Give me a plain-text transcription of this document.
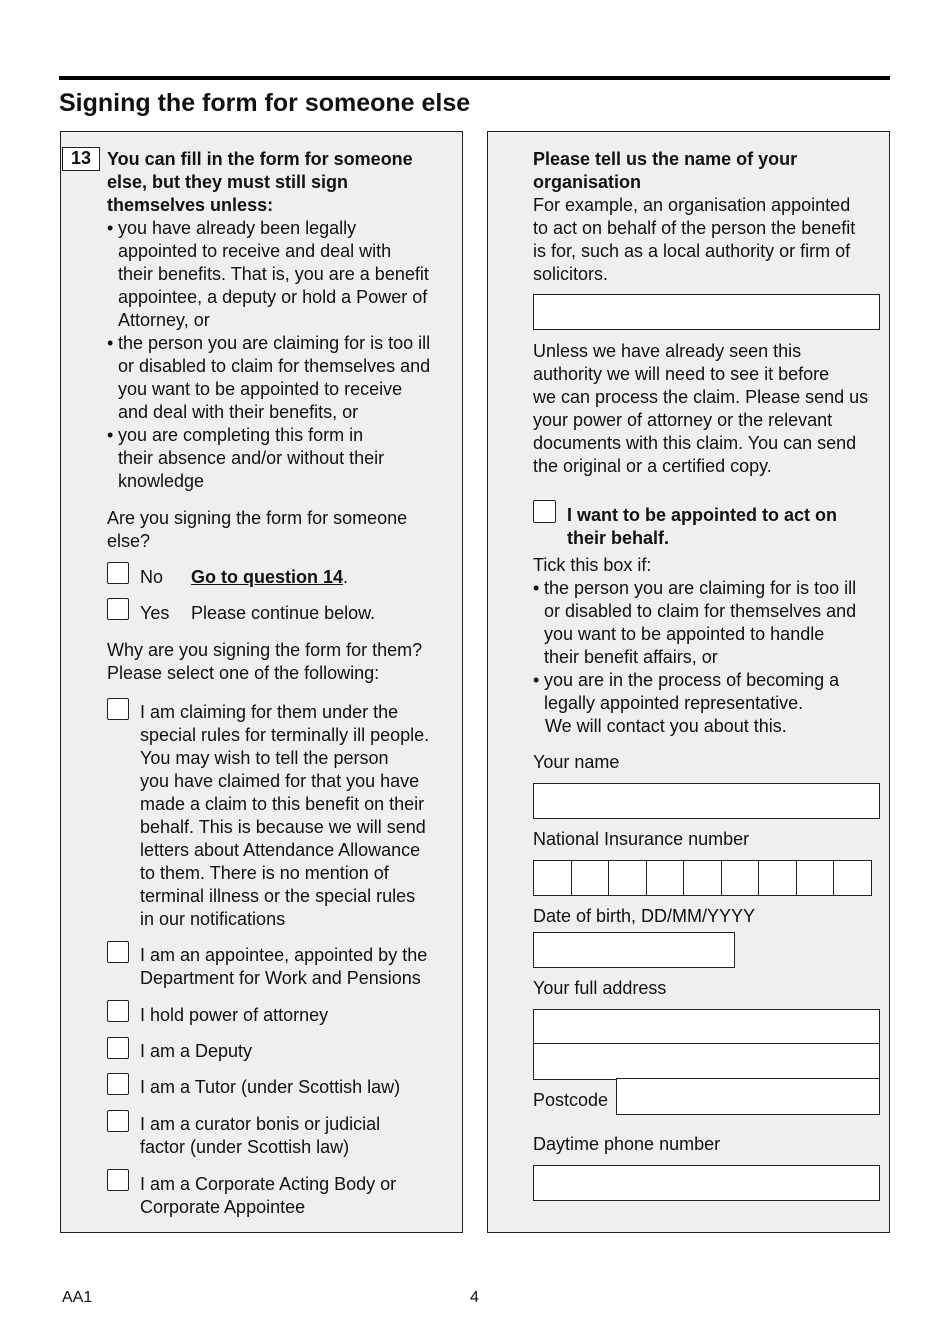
Signing the form for someone else
13 You can fill in the form for someone
else, but they must still sign
themselves unless:
• you have already been legally
appointed to receive and deal with
their benefits. That is, you are a benefit
appointee, a deputy or hold a Power of
Attorney, or
• the person you are claiming for is too ill
or disabled to claim for themselves and
you want to be appointed to receive
and deal with their benefits, or
• you are completing this form in
their absence and/or without their
knowledge
Are you signing the form for someone
else?
No Go to question 14.
Yes Please continue below.
Why are you signing the form for them?
Please select one of the following:
I am claiming for them under the
special rules for terminally ill people.
You may wish to tell the person
you have claimed for that you have
made a claim to this benefit on their
behalf. This is because we will send
letters about Attendance Allowance
to them. There is no mention of
terminal illness or the special rules
in our notifications
I am an appointee, appointed by the
Department for Work and Pensions
I hold power of attorney
I am a Deputy
I am a Tutor (under Scottish law)
I am a curator bonis or judicial
factor (under Scottish law)
I am a Corporate Acting Body or
Corporate Appointee
Please tell us the name of your
organisation
For example, an organisation appointed
to act on behalf of the person the benefit
is for, such as a local authority or firm of
solicitors.
Unless we have already seen this
authority we will need to see it before
we can process the claim. Please send us
your power of attorney or the relevant
documents with this claim. You can send
the original or a certified copy.
I want to be appointed to act on
their behalf.
Tick this box if:
• the person you are claiming for is too ill
or disabled to claim for themselves and
you want to be appointed to handle
their benefit affairs, or
• you are in the process of becoming a
legally appointed representative.
We will contact you about this.
Your name
National Insurance number
Date of birth, DD/MM/YYYY
Your full address
Postcode
Daytime phone number
AA1	4
